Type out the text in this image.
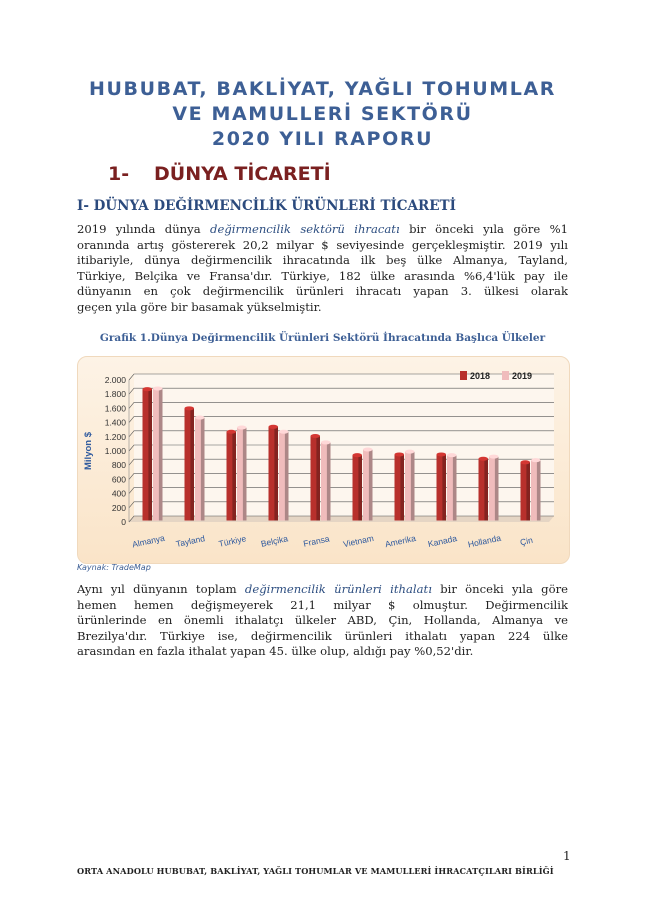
HUBUBAT, BAKLİYAT, YAĞLI TOHUMLAR
VE MAMULLERİ SEKTÖRÜ
2020 YILI RAPORU
1- DÜNYA TİCARETİ
I- DÜNYA DEĞİRMENCİLİK ÜRÜNLERİ TİCARETİ
2019 yılında dünya değirmencilik sektörü ihracatı bir önceki yıla göre %1
oranında artış göstererek 20,2 milyar $ seviyesinde gerçekleşmiştir. 2019 yılı
itibariyle, dünya değirmencilik ihracatında ilk beş ülke Almanya, Tayland,
Türkiye, Belçika ve Fransa'dır. Türkiye, 182 ülke arasında %6,4'lük pay ile
dünyanın en çok değirmencilik ürünleri ihracatı yapan 3. ülkesi olarak
geçen yıla göre bir basamak yükselmiştir.
Grafik 1.Dünya Değirmencilik Ürünleri Sektörü İhracatında Başlıca Ülkeler
0
200
400
600
800
1.000
1.200
1.400
1.600
1.800
2.000
Milyon $
2018 2019
Almanya Tayland Türkiye Belçika Fransa Vietnam Amerika Kanada Hollanda Çin
Kaynak: TradeMap
Aynı yıl dünyanın toplam değirmencilik ürünleri ithalatı bir önceki yıla göre
hemen hemen değişmeyerek 21,1 milyar $ olmuştur. Değirmencilik
ürünlerinde en önemli ithalatçı ülkeler ABD, Çin, Hollanda, Almanya ve
Brezilya'dır. Türkiye ise, değirmencilik ürünleri ithalatı yapan 224 ülke
arasından en fazla ithalat yapan 45. ülke olup, aldığı pay %0,52'dir.
1
ORTA ANADOLU HUBUBAT, BAKLİYAT, YAĞLI TOHUMLAR VE MAMULLERİ İHRACATÇILARI BİRLİĞİ
